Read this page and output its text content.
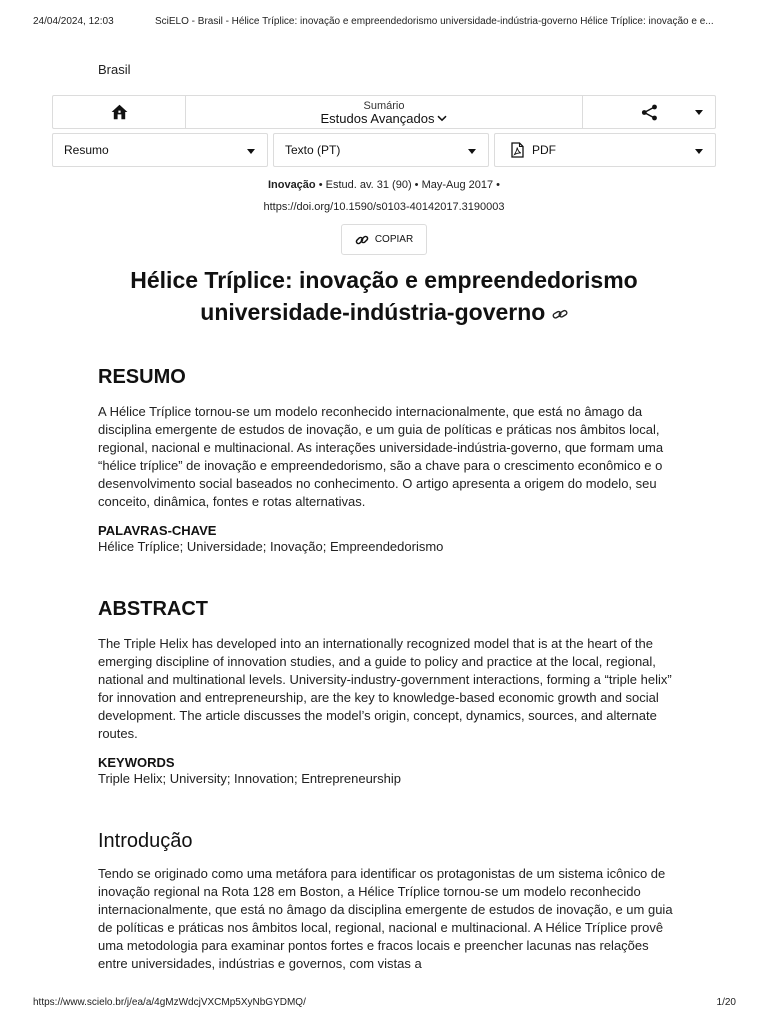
24/04/2024, 12:03	SciELO - Brasil - Hélice Tríplice: inovação e empreendedorismo universidade-indústria-governo Hélice Tríplice: inovação e e...
Brasil
Sumário
Estudos Avançados
Resumo	Texto (PT)	PDF
Inovação • Estud. av. 31 (90) • May-Aug 2017 •
https://doi.org/10.1590/s0103-40142017.3190003
COPIAR
Hélice Tríplice: inovação e empreendedorismo universidade-indústria-governo
RESUMO

A Hélice Tríplice tornou-se um modelo reconhecido internacionalmente, que está no âmago da disciplina emergente de estudos de inovação, e um guia de políticas e práticas nos âmbitos local, regional, nacional e multinacional. As interações universidade-indústria-governo, que formam uma “hélice tríplice” de inovação e empreendedorismo, são a chave para o crescimento econômico e o desenvolvimento social baseados no conhecimento. O artigo apresenta a origem do modelo, seu conceito, dinâmica, fontes e rotas alternativas.

PALAVRAS-CHAVE
Hélice Tríplice; Universidade; Inovação; Empreendedorismo
ABSTRACT

The Triple Helix has developed into an internationally recognized model that is at the heart of the emerging discipline of innovation studies, and a guide to policy and practice at the local, regional, national and multinational levels. University-industry-government interactions, forming a “triple helix” for innovation and entrepreneurship, are the key to knowledge-based economic growth and social development. The article discusses the model’s origin, concept, dynamics, sources, and alternate routes.

KEYWORDS
Triple Helix; University; Innovation; Entrepreneurship
Introdução

Tendo se originado como uma metáfora para identificar os protagonistas de um sistema icônico de inovação regional na Rota 128 em Boston, a Hélice Tríplice tornou-se um modelo reconhecido internacionalmente, que está no âmago da disciplina emergente de estudos de inovação, e um guia de políticas e práticas nos âmbitos local, regional, nacional e multinacional. A Hélice Tríplice provê uma metodologia para examinar pontos fortes e fracos locais e preencher lacunas nas relações entre universidades, indústrias e governos, com vistas a

https://www.scielo.br/j/ea/a/4gMzWdcjVXCMp5XyNbGYDMQ/	1/20
